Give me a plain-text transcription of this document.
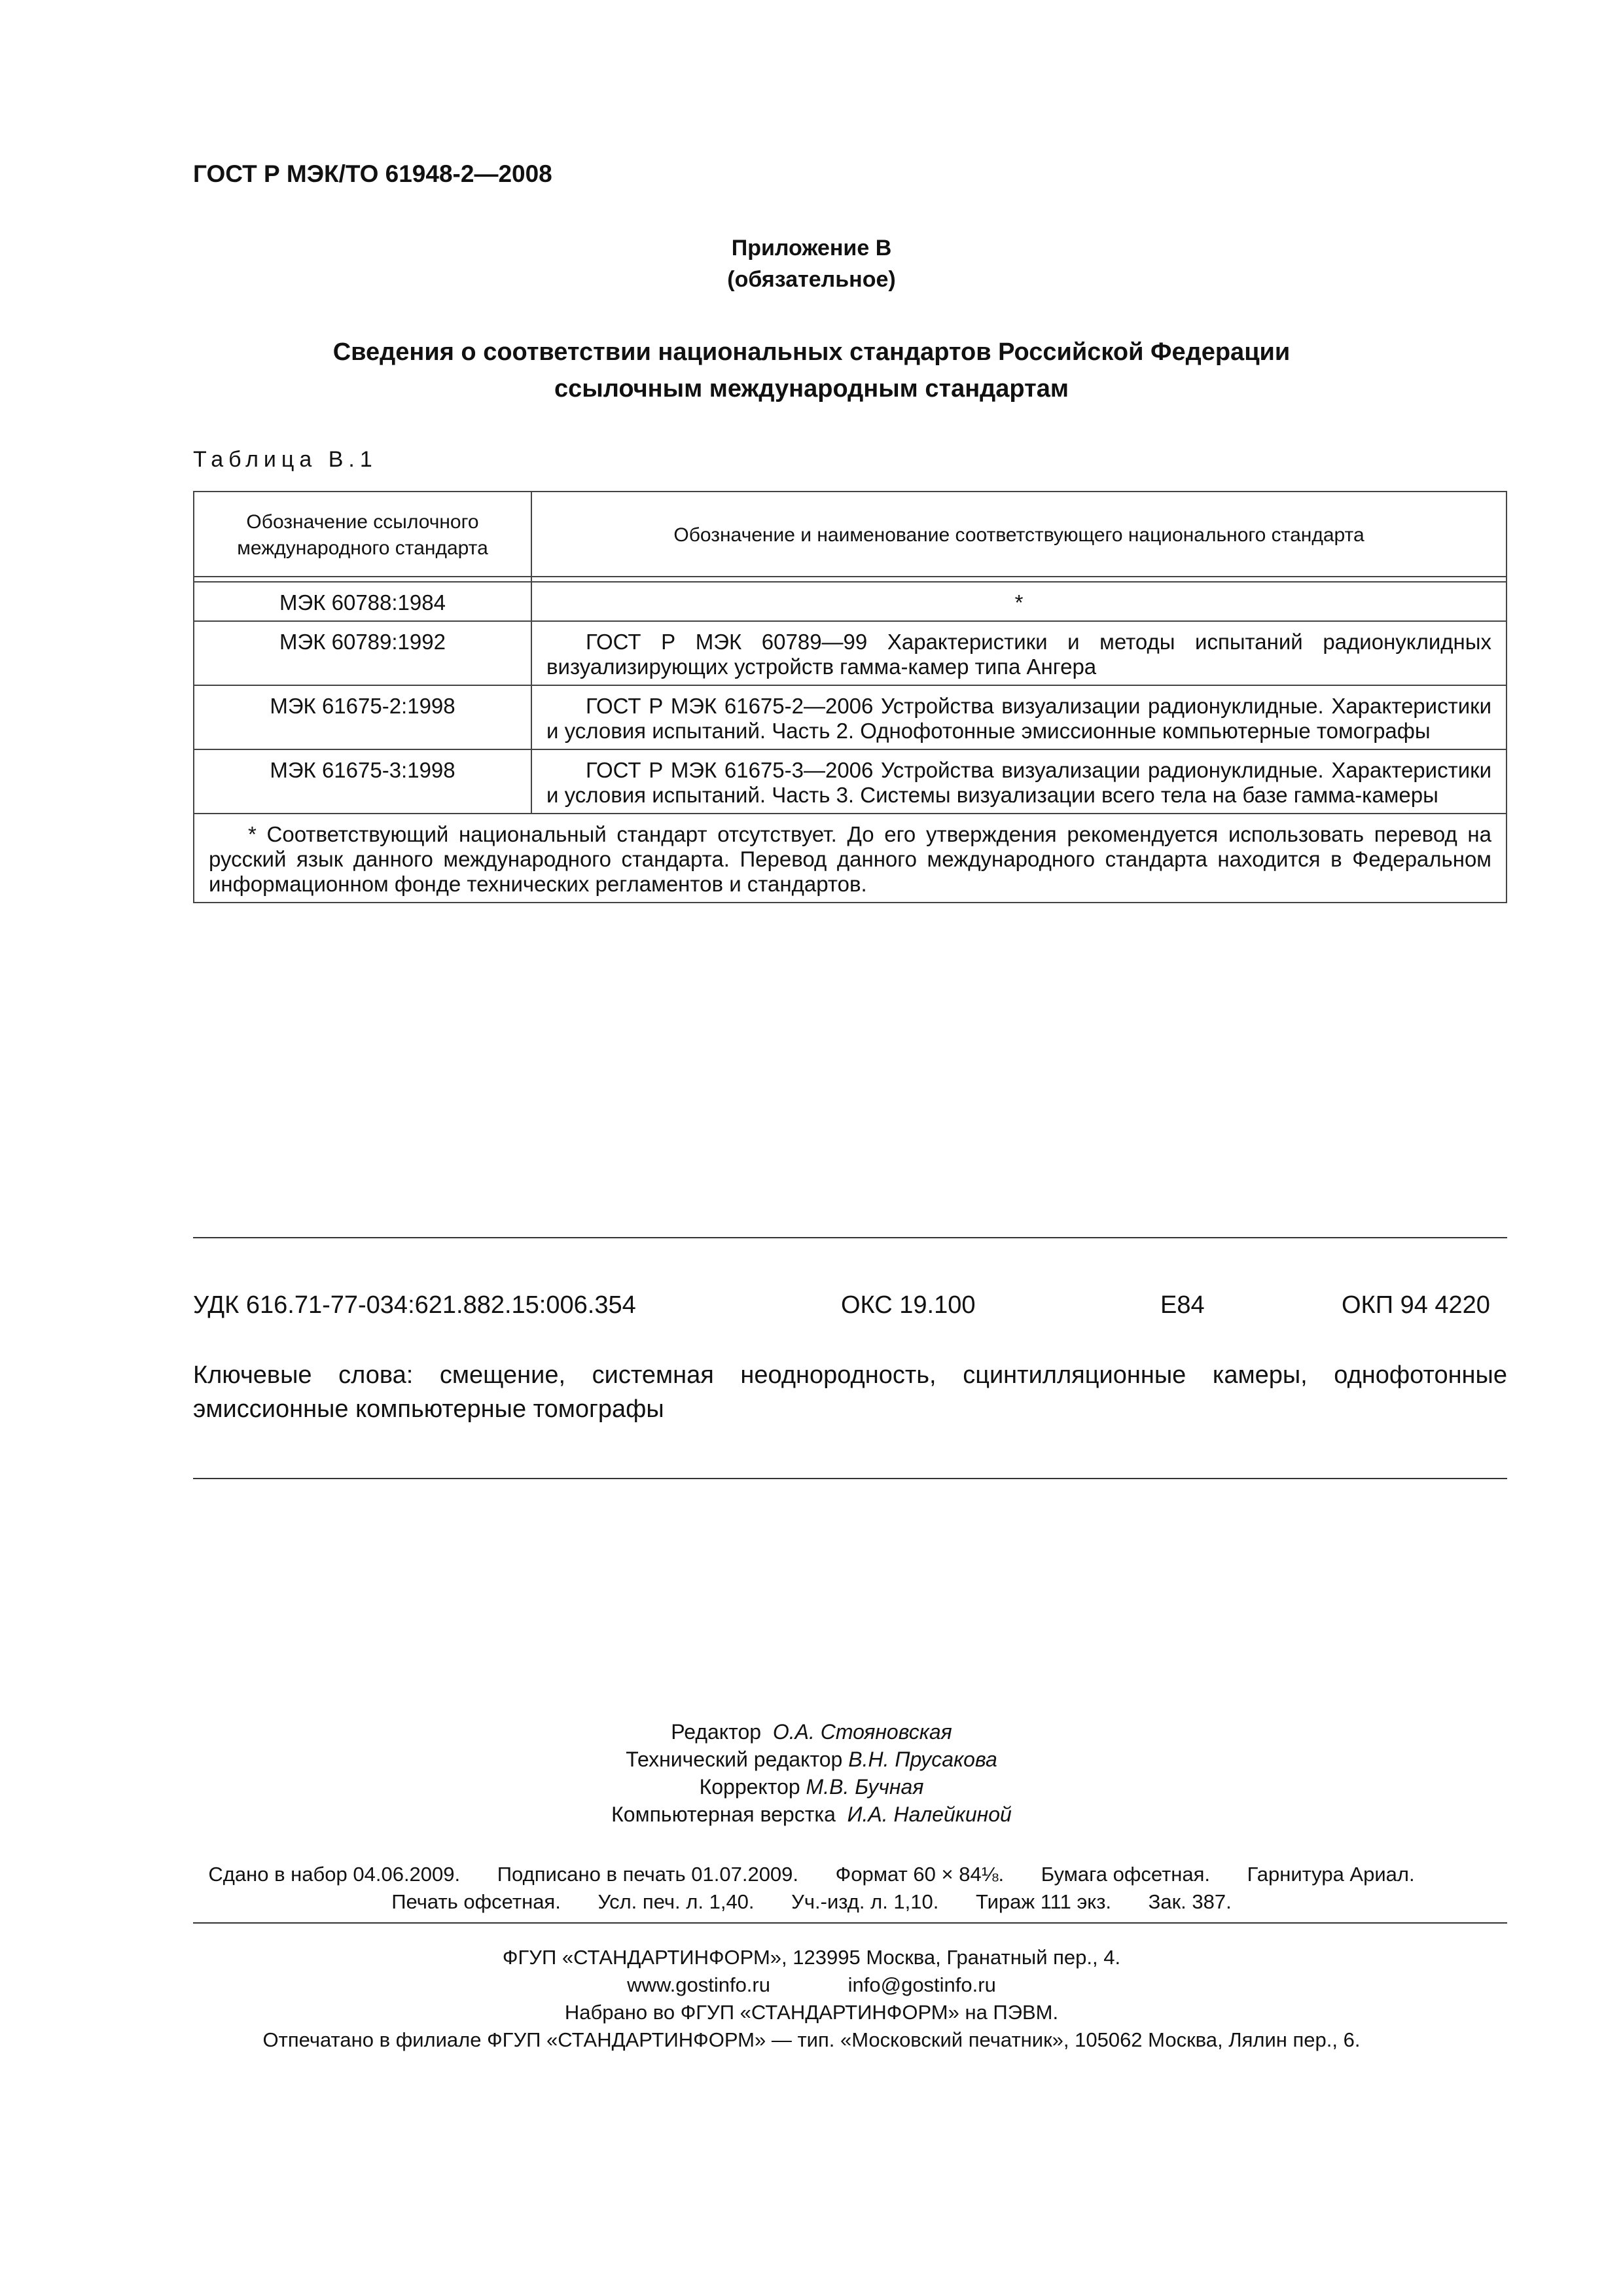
ГОСТ Р МЭК/ТО 61948-2—2008
Приложение В
(обязательное)
Сведения о соответствии национальных стандартов Российской Федерации
ссылочным международным стандартам
Таблица В.1
Обозначение ссылочного международного стандарта	Обозначение и наименование соответствующего национального стандарта

МЭК 60788:1984	*
МЭК 60789:1992	ГОСТ Р МЭК 60789—99 Характеристики и методы испытаний радионуклидных визуализирующих устройств гамма-камер типа Ангера
МЭК 61675-2:1998	ГОСТ Р МЭК 61675-2—2006 Устройства визуализации радионуклидные. Характеристики и условия испытаний. Часть 2. Однофотонные эмиссионные компьютерные томографы
МЭК 61675-3:1998	ГОСТ Р МЭК 61675-3—2006 Устройства визуализации радионуклидные. Характеристики и условия испытаний. Часть 3. Системы визуализации всего тела на базе гамма-камеры
* Соответствующий национальный стандарт отсутствует. До его утверждения рекомендуется использовать перевод на русский язык данного международного стандарта. Перевод данного международного стандарта находится в Федеральном информационном фонде технических регламентов и стандартов.	
УДК 616.71-77-034:621.882.15:006.354	ОКС 19.100	Е84	ОКП 94 4220
Ключевые слова: смещение, системная неоднородность, сцинтилляционные камеры, однофотонные эмиссионные компьютерные томографы
Редактор О.А. Стояновская
Технический редактор В.Н. Прусакова
Корректор М.В. Бучная
Компьютерная верстка И.А. Налейкиной
Сдано в набор 04.06.2009. Подписано в печать 01.07.2009. Формат 60 × 84⅛. Бумага офсетная. Гарнитура Ариал.
Печать офсетная. Усл. печ. л. 1,40. Уч.-изд. л. 1,10. Тираж 111 экз. Зак. 387.
ФГУП «СТАНДАРТИНФОРМ», 123995 Москва, Гранатный пер., 4.
www.gostinfo.ru	info@gostinfo.ru
Набрано во ФГУП «СТАНДАРТИНФОРМ» на ПЭВМ.
Отпечатано в филиале ФГУП «СТАНДАРТИНФОРМ» — тип. «Московский печатник», 105062 Москва, Лялин пер., 6.
